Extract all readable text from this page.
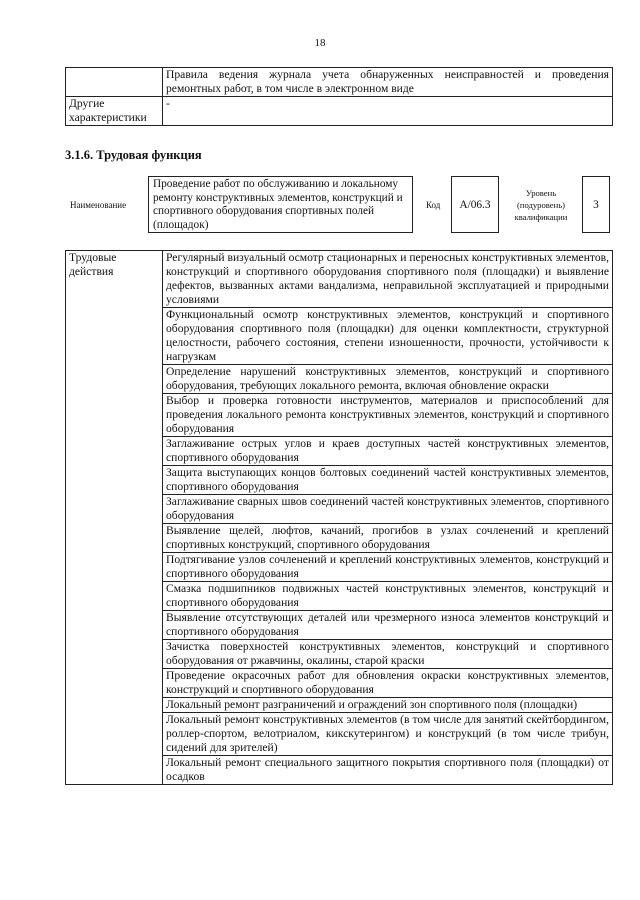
18
	Правила ведения журнала учета обнаруженных неисправностей и проведения ремонтных работ, в том числе в электронном виде
Другие характеристики	-
3.1.6. Трудовая функция
Наименование
Проведение работ по обслуживанию и локальному ремонту конструктивных элементов, конструкций и спортивного оборудования спортивных полей (площадок)
Код А/06.3
Уровень (подуровень) квалификации
3
Трудовые действия	Регулярный визуальный осмотр стационарных и переносных конструктивных элементов, конструкций и спортивного оборудования спортивного поля (площадки) и выявление дефектов, вызванных актами вандализма, неправильной эксплуатацией и природными условиями
Функциональный осмотр конструктивных элементов, конструкций и спортивного оборудования спортивного поля (площадки) для оценки комплектности, структурной целостности, рабочего состояния, степени изношенности, прочности, устойчивости к нагрузкам
Определение нарушений конструктивных элементов, конструкций и спортивного оборудования, требующих локального ремонта, включая обновление окраски
Выбор и проверка готовности инструментов, материалов и приспособлений для проведения локального ремонта конструктивных элементов, конструкций и спортивного оборудования
Заглаживание острых углов и краев доступных частей конструктивных элементов, спортивного оборудования
Защита выступающих концов болтовых соединений частей конструктивных элементов, спортивного оборудования
Заглаживание сварных швов соединений частей конструктивных элементов, спортивного оборудования
Выявление щелей, люфтов, качаний, прогибов в узлах сочленений и креплений спортивных конструкций, спортивного оборудования
Подтягивание узлов сочленений и креплений конструктивных элементов, конструкций и спортивного оборудования
Смазка подшипников подвижных частей конструктивных элементов, конструкций и спортивного оборудования
Выявление отсутствующих деталей или чрезмерного износа элементов конструкций и спортивного оборудования
Зачистка поверхностей конструктивных элементов, конструкций и спортивного оборудования от ржавчины, окалины, старой краски
Проведение окрасочных работ для обновления окраски конструктивных элементов, конструкций и спортивного оборудования
Локальный ремонт разграничений и ограждений зон спортивного поля (площадки)
Локальный ремонт конструктивных элементов (в том числе для занятий скейтбордингом, роллер-спортом, велотриалом, кикскутерингом) и конструкций (в том числе трибун, сидений для зрителей)
Локальный ремонт специального защитного покрытия спортивного поля (площадки) от осадков
